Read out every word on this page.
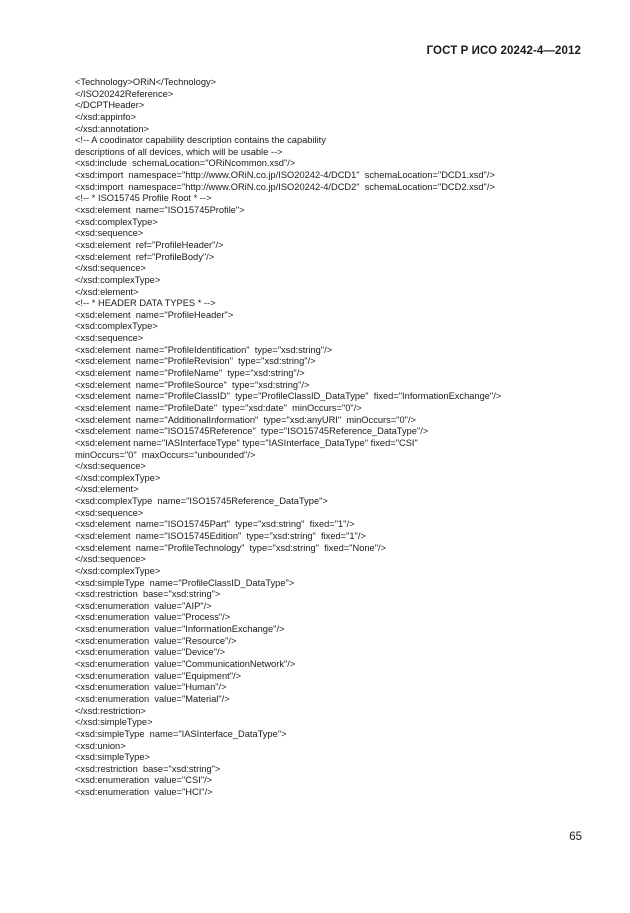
ГОСТ Р ИСО 20242-4—2012
<Technology>ORiN</Technology>
</ISO20242Reference>
</DCPTHeader>
</xsd:appinfo>
</xsd:annotation>
<!-- A coodinator capability description contains the capability
descriptions of all devices, which will be usable -->
<xsd:include  schemaLocation="ORiNcommon.xsd"/>
<xsd:import  namespace="http://www.ORiN.co.jp/ISO20242-4/DCD1"  schemaLocation="DCD1.xsd"/>
<xsd:import  namespace="http://www.ORiN.co.jp/ISO20242-4/DCD2"  schemaLocation="DCD2.xsd"/>
<!-- * ISO15745 Profile Root * -->
<xsd:element  name="ISO15745Profile">
<xsd:complexType>
<xsd:sequence>
<xsd:element  ref="ProfileHeader"/>
<xsd:element  ref="ProfileBody"/>
</xsd:sequence>
</xsd:complexType>
</xsd:element>
<!-- * HEADER DATA TYPES * -->
<xsd:element  name="ProfileHeader">
<xsd:complexType>
<xsd:sequence>
<xsd:element  name="ProfileIdentification"  type="xsd:string"/>
<xsd:element  name="ProfileRevision"  type="xsd:string"/>
<xsd:element  name="ProfileName"  type="xsd:string"/>
<xsd:element  name="ProfileSource"  type="xsd:string"/>
<xsd:element  name="ProfileClassID"  type="ProfileClassID_DataType"  fixed="InformationExchange"/>
<xsd:element  name="ProfileDate"  type="xsd:date"  minOccurs="0"/>
<xsd:element  name="AdditionalInformation"  type="xsd:anyURI"  minOccurs="0"/>
<xsd:element  name="ISO15745Reference"  type="ISO15745Reference_DataType"/>
<xsd:element name="IASInterfaceType" type="IASInterface_DataType" fixed="CSI"
minOccurs="0"  maxOccurs="unbounded"/>
</xsd:sequence>
</xsd:complexType>
</xsd:element>
<xsd:complexType  name="ISO15745Reference_DataType">
<xsd:sequence>
<xsd:element  name="ISO15745Part"  type="xsd:string"  fixed="1"/>
<xsd:element  name="ISO15745Edition"  type="xsd:string"  fixed="1"/>
<xsd:element  name="ProfileTechnology"  type="xsd:string"  fixed="None"/>
</xsd:sequence>
</xsd:complexType>
<xsd:simpleType  name="ProfileClassID_DataType">
<xsd:restriction  base="xsd:string">
<xsd:enumeration  value="AIP"/>
<xsd:enumeration  value="Process"/>
<xsd:enumeration  value="InformationExchange"/>
<xsd:enumeration  value="Resource"/>
<xsd:enumeration  value="Device"/>
<xsd:enumeration  value="CommunicationNetwork"/>
<xsd:enumeration  value="Equipment"/>
<xsd:enumeration  value="Human"/>
<xsd:enumeration  value="Material"/>
</xsd:restriction>
</xsd:simpleType>
<xsd:simpleType  name="IASInterface_DataType">
<xsd:union>
<xsd:simpleType>
<xsd:restriction  base="xsd:string">
<xsd:enumeration  value="CSI"/>
<xsd:enumeration  value="HCI"/>
65
